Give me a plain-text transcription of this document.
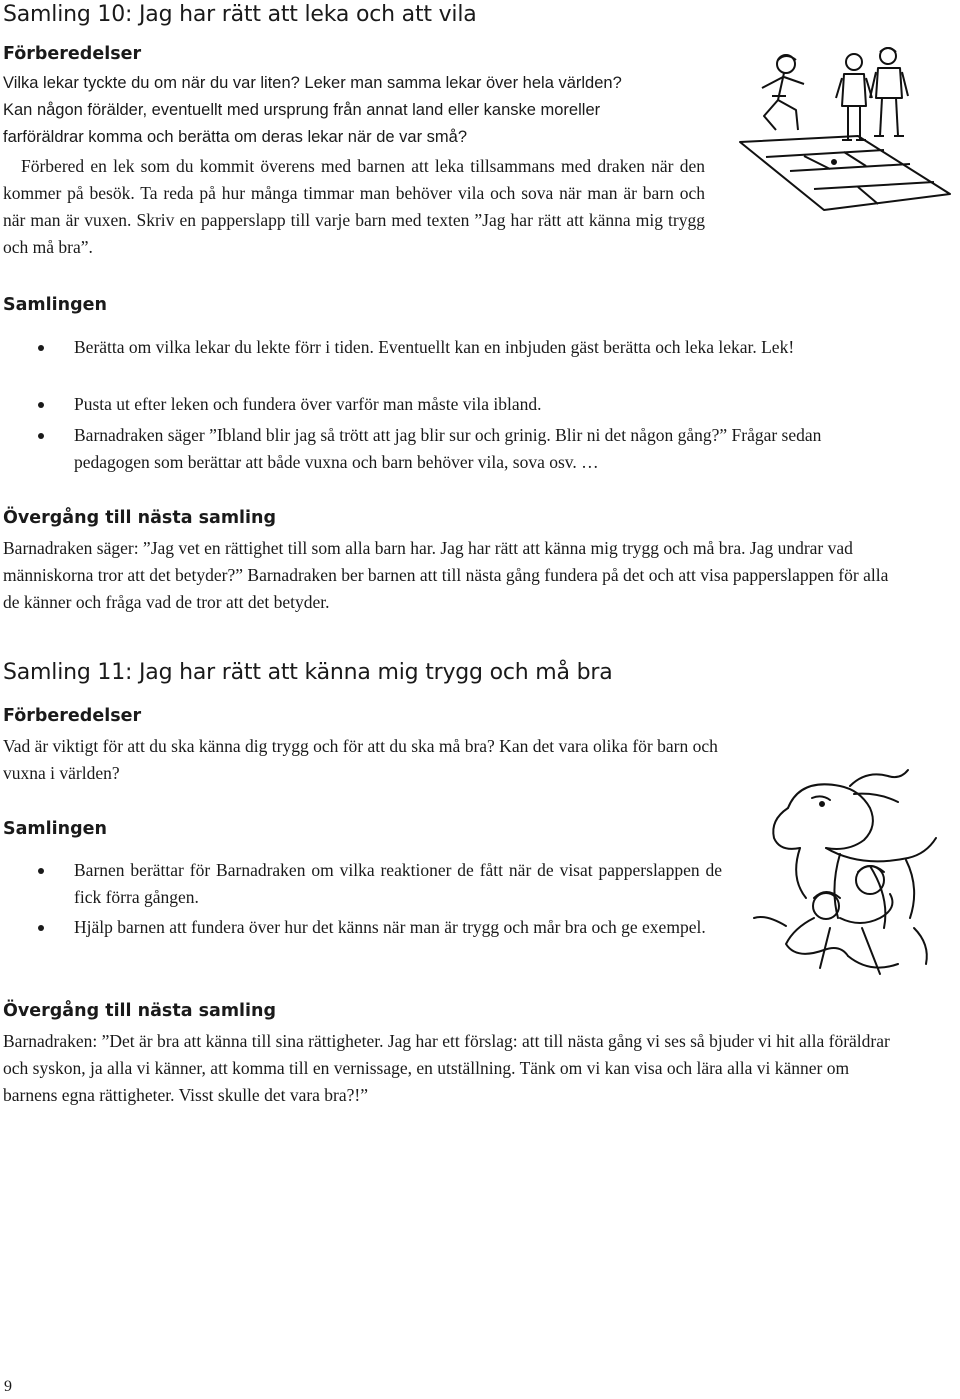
Samling 10: Jag har rätt att leka och att vila
Förberedelser

Vilka lekar tyckte du om när du var liten? Leker man samma lekar över hela världen?

Kan någon förälder, eventuellt med ursprung från annat land eller kanske moreller

farföräldrar komma och berätta om deras lekar när de var små?

Förbered en lek som du kommit överens med barnen att leka tillsammans med draken när den kommer på besök. Ta reda på hur många timmar man behöver vila och sova när man är barn och när man är vuxen. Skriv en papperslapp till varje barn med texten ”Jag har rätt att känna mig trygg och må bra”.

Samlingen

Berätta om vilka lekar du lekte förr i tiden. Eventuellt kan en inbjuden gäst berätta och leka lekar. Lek!

Pusta ut efter leken och fundera över varför man måste vila ibland.

Barnadraken säger ”Ibland blir jag så trött att jag blir sur och grinig. Blir ni det någon gång?” Frågar sedan pedagogen som berättar att både vuxna och barn behöver vila, sova osv. …

Övergång till nästa samling

Barnadraken säger: ”Jag vet en rättighet till som alla barn har. Jag har rätt att känna mig trygg och må bra. Jag undrar vad människorna tror att det betyder?” Barnadraken ber barnen att till nästa gång fundera på det och att visa papperslappen för alla de känner och fråga vad de tror att det betyder.

Samling 11: Jag har rätt att känna mig trygg och må bra
Förberedelser

Vad är viktigt för att du ska känna dig trygg och för att du ska må bra? Kan det vara olika för barn och vuxna i världen?

Samlingen

Barnen berättar för Barnadraken om vilka reaktioner de fått när de visat papperslappen de fick förra gången.

Hjälp barnen att fundera över hur det känns när man är trygg och mår bra och ge exempel.

Övergång till nästa samling

Barnadraken: ”Det är bra att känna till sina rättigheter. Jag har ett förslag: att till nästa gång vi ses så bjuder vi hit alla föräldrar och syskon, ja alla vi känner, att komma till en vernissage, en utställning. Tänk om vi kan visa och lära alla vi känner om barnens egna rättigheter. Visst skulle det vara bra?!”

9
